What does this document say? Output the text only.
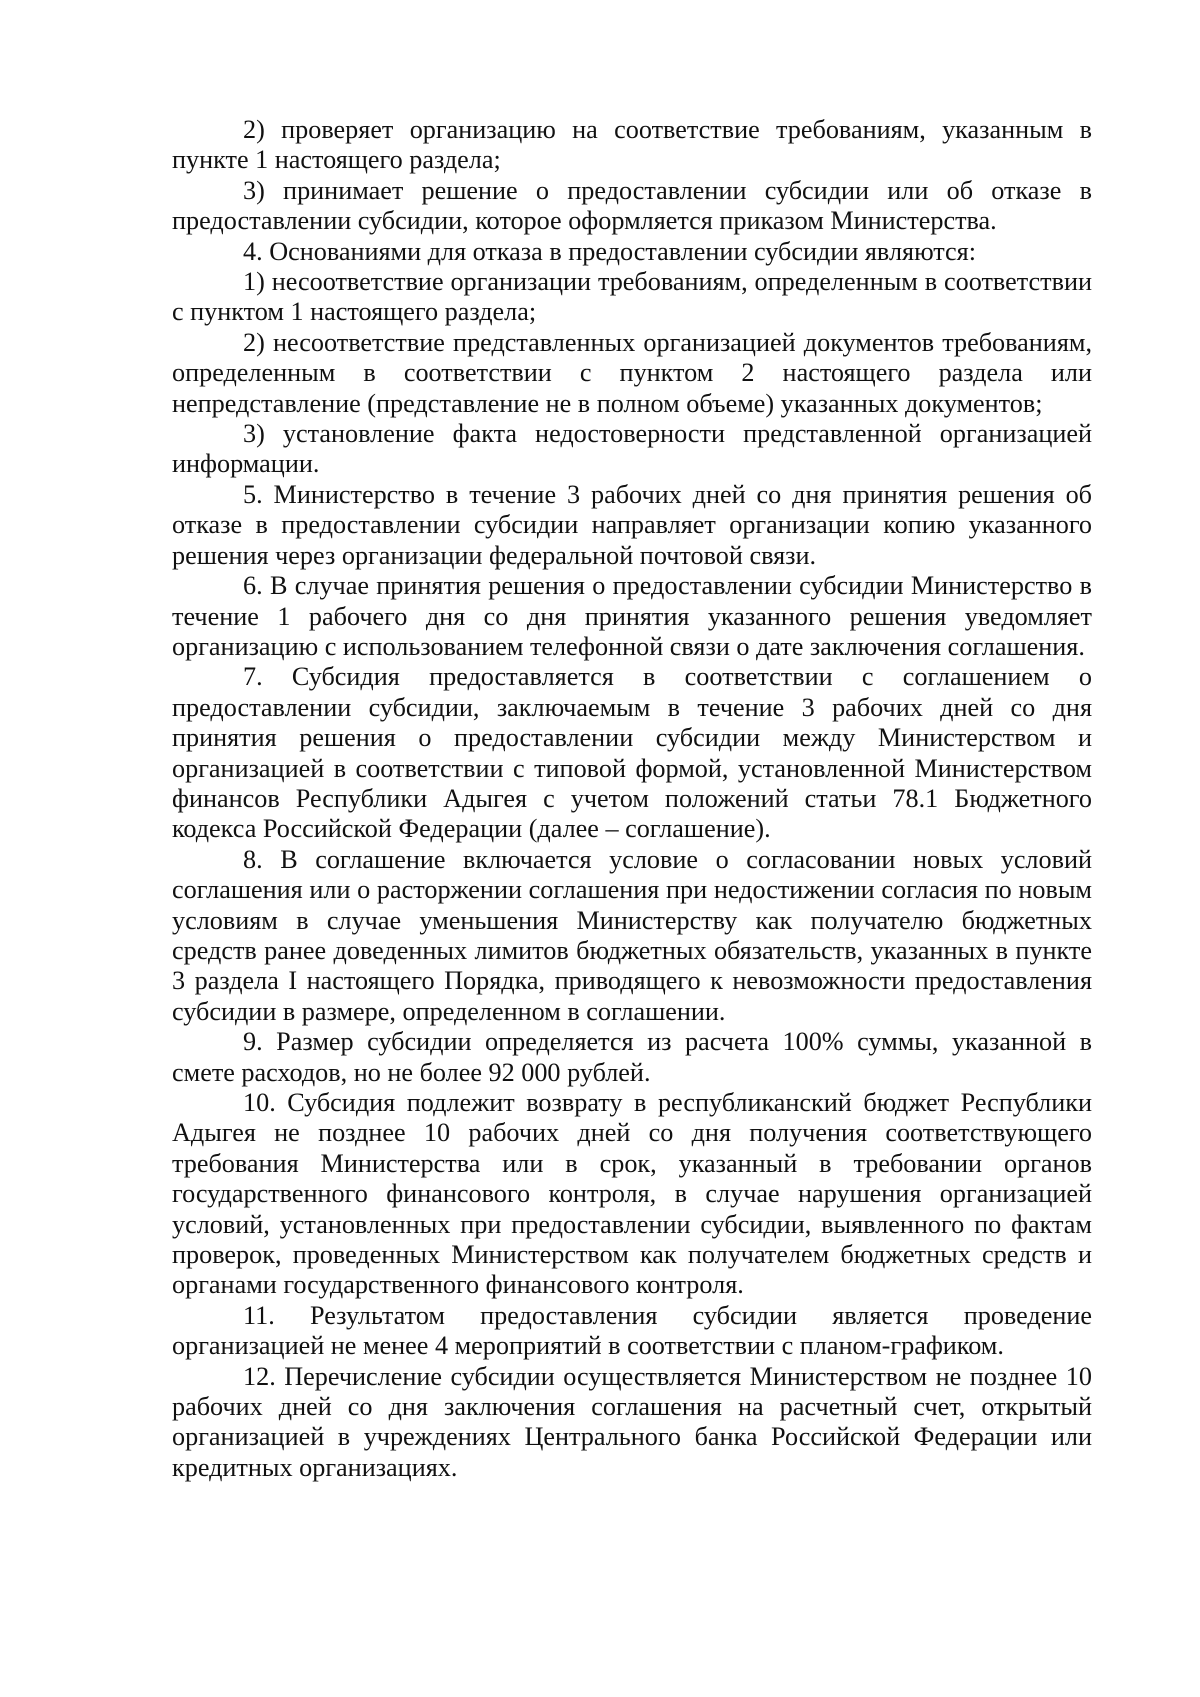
2) проверяет организацию на соответствие требованиям, указанным в пункте 1 настоящего раздела;

3) принимает решение о предоставлении субсидии или об отказе в предоставлении субсидии, которое оформляется приказом Министерства.

4. Основаниями для отказа в предоставлении субсидии являются:

1) несоответствие организации требованиям, определенным в соответствии с пунктом 1 настоящего раздела;

2) несоответствие представленных организацией документов требованиям, определенным в соответствии с пунктом 2 настоящего раздела или непредставление (представление не в полном объеме) указанных документов;

3) установление факта недостоверности представленной организацией информации.

5. Министерство в течение 3 рабочих дней со дня принятия решения об отказе в предоставлении субсидии направляет организации копию указанного решения через организации федеральной почтовой связи.

6. В случае принятия решения о предоставлении субсидии Министерство в течение 1 рабочего дня со дня принятия указанного решения уведомляет организацию с использованием телефонной связи о дате заключения соглашения.

7. Субсидия предоставляется в соответствии с соглашением о предоставлении субсидии, заключаемым в течение 3 рабочих дней со дня принятия решения о предоставлении субсидии между Министерством и организацией в соответствии с типовой формой, установленной Министерством финансов Республики Адыгея с учетом положений статьи 78.1 Бюджетного кодекса Российской Федерации (далее – соглашение).

8. В соглашение включается условие о согласовании новых условий соглашения или о расторжении соглашения при недостижении согласия по новым условиям в случае уменьшения Министерству как получателю бюджетных средств ранее доведенных лимитов бюджетных обязательств, указанных в пункте 3 раздела I настоящего Порядка, приводящего к невозможности предоставления субсидии в размере, определенном в соглашении.

9. Размер субсидии определяется из расчета 100% суммы, указанной в смете расходов, но не более 92 000 рублей.

10. Субсидия подлежит возврату в республиканский бюджет Республики Адыгея не позднее 10 рабочих дней со дня получения соответствующего требования Министерства или в срок, указанный в требовании органов государственного финансового контроля, в случае нарушения организацией условий, установленных при предоставлении субсидии, выявленного по фактам проверок, проведенных Министерством как получателем бюджетных средств и органами государственного финансового контроля.

11. Результатом предоставления субсидии является проведение организацией не менее 4 мероприятий в соответствии с планом-графиком.

12. Перечисление субсидии осуществляется Министерством не позднее 10 рабочих дней со дня заключения соглашения на расчетный счет, открытый организацией в учреждениях Центрального банка Российской Федерации или кредитных организациях.
